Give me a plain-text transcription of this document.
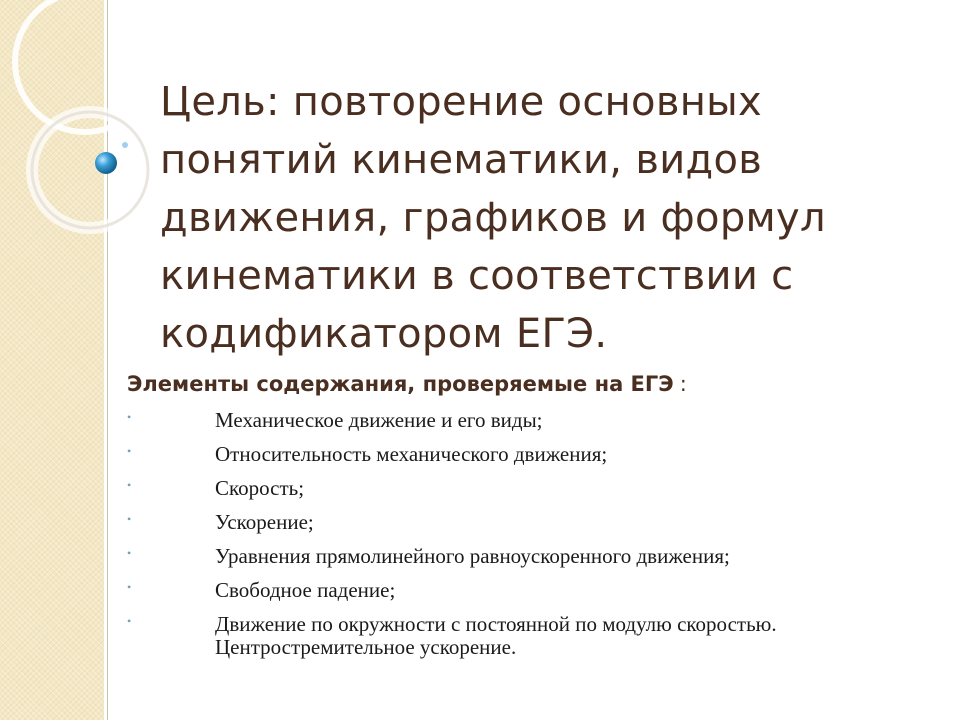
Цель: повторение основных
понятий кинематики, видов
движения, графиков и формул
кинематики в соответствии с
кодификатором ЕГЭ.
Элементы содержания, проверяемые на ЕГЭ :
•	Механическое движение и его виды;
•	Относительность механического движения;
•	Скорость;
•	Ускорение;
•	Уравнения прямолинейного равноускоренного движения;
•	Свободное падение;
•	Движение по окружности с постоянной по модулю скоростью. Центростремительное ускорение.
